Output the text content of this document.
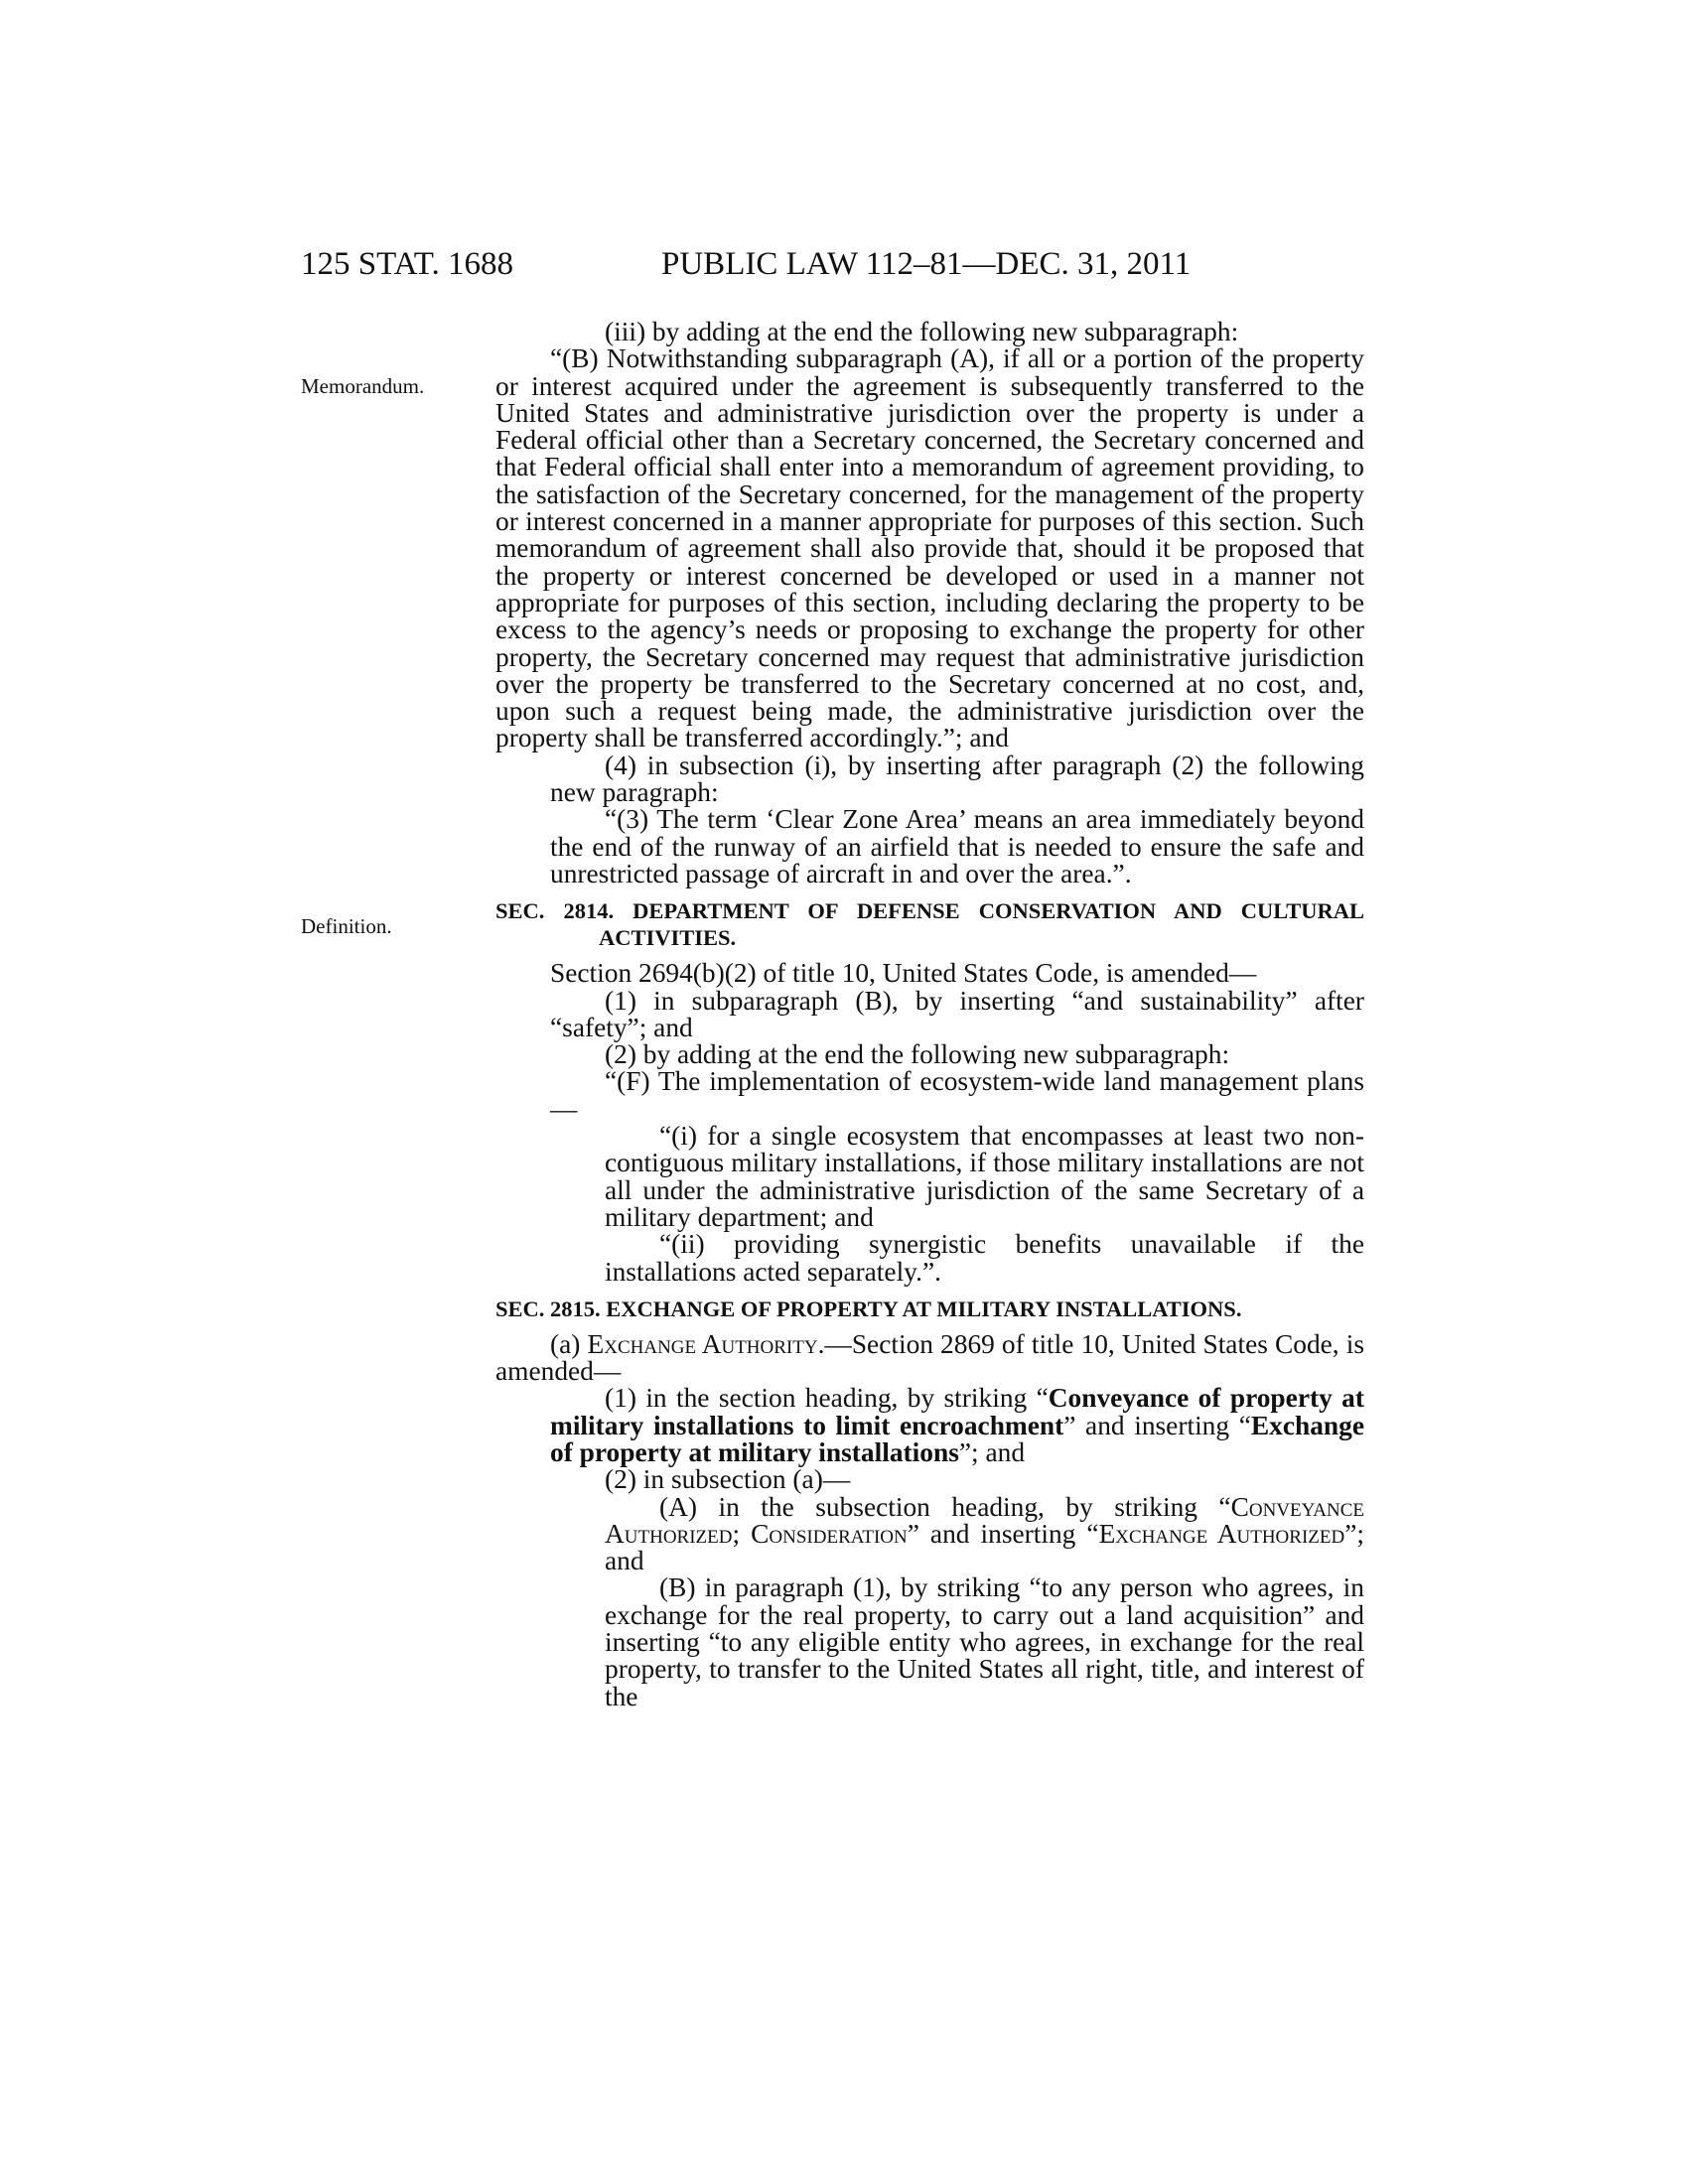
125 STAT. 1688	PUBLIC LAW 112–81—DEC. 31, 2011
Memorandum.
Definition.

(iii) by adding at the end the following new subparagraph:

“(B) Notwithstanding subparagraph (A), if all or a portion of the property or interest acquired under the agreement is subsequently transferred to the United States and administrative jurisdiction over the property is under a Federal official other than a Secretary concerned, the Secretary concerned and that Federal official shall enter into a memorandum of agreement providing, to the satisfaction of the Secretary concerned, for the management of the property or interest concerned in a manner appropriate for purposes of this section. Such memorandum of agreement shall also provide that, should it be proposed that the property or interest concerned be developed or used in a manner not appropriate for purposes of this section, including declaring the property to be excess to the agency’s needs or proposing to exchange the property for other property, the Secretary concerned may request that administrative jurisdiction over the property be transferred to the Secretary concerned at no cost, and, upon such a request being made, the administrative jurisdiction over the property shall be transferred accordingly.”; and

(4) in subsection (i), by inserting after paragraph (2) the following new paragraph:

“(3) The term ‘Clear Zone Area’ means an area immediately beyond the end of the runway of an airfield that is needed to ensure the safe and unrestricted passage of aircraft in and over the area.”.

SEC. 2814. DEPARTMENT OF DEFENSE CONSERVATION AND CULTURAL ACTIVITIES.

Section 2694(b)(2) of title 10, United States Code, is amended—

(1) in subparagraph (B), by inserting “and sustainability” after “safety”; and

(2) by adding at the end the following new subparagraph:

“(F) The implementation of ecosystem-wide land management plans—

“(i) for a single ecosystem that encompasses at least two non-contiguous military installations, if those military installations are not all under the administrative jurisdiction of the same Secretary of a military department; and

“(ii) providing synergistic benefits unavailable if the installations acted separately.”.

SEC. 2815. EXCHANGE OF PROPERTY AT MILITARY INSTALLATIONS.

(a) Exchange Authority.—Section 2869 of title 10, United States Code, is amended—

(1) in the section heading, by striking “Conveyance of property at military installations to limit encroachment” and inserting “Exchange of property at military installations”; and

(2) in subsection (a)—

(A) in the subsection heading, by striking “Conveyance Authorized; Consideration” and inserting “Exchange Authorized”; and

(B) in paragraph (1), by striking “to any person who agrees, in exchange for the real property, to carry out a land acquisition” and inserting “to any eligible entity who agrees, in exchange for the real property, to transfer to the United States all right, title, and interest of the
